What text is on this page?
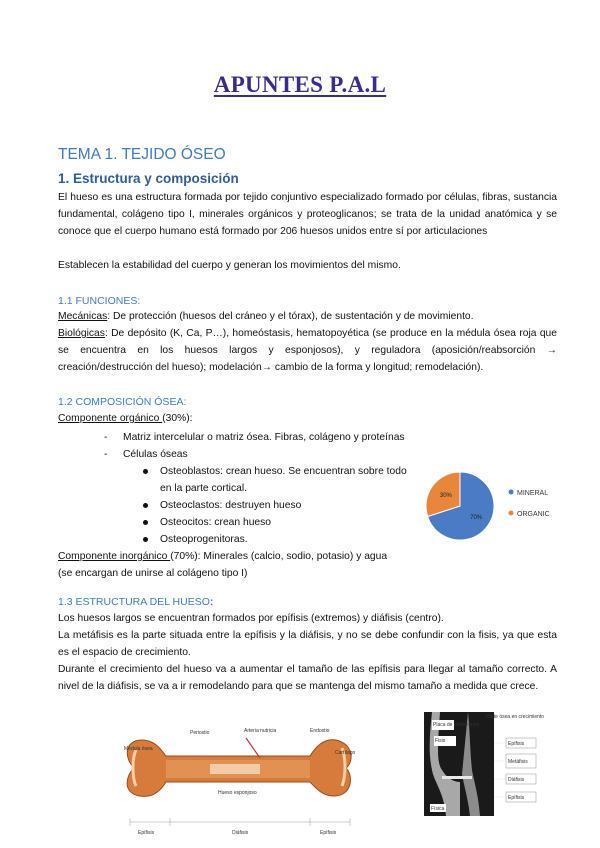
APUNTES P.A.L
TEMA 1. TEJIDO ÓSEO
1. Estructura y composición
El hueso es una estructura formada por tejido conjuntivo especializado formado por células, fibras, sustancia fundamental, colágeno tipo I, minerales orgánicos y proteoglicanos; se trata de la unidad anatómica y se conoce que el cuerpo humano está formado por 206 huesos unidos entre sí por articulaciones
Establecen la estabilidad del cuerpo y generan los movimientos del mismo.
1.1 FUNCIONES:
Mecánicas: De protección (huesos del cráneo y el tórax), de sustentación y de movimiento.
Biológicas: De depósito (K, Ca, P…), homeóstasis, hematopoyética (se produce en la médula ósea roja que se encuentra en los huesos largos y esponjosos), y reguladora (aposición/reabsorción → creación/destrucción del hueso); modelación→ cambio de la forma y longitud; remodelación).
1.2 COMPOSICIÓN ÓSEA:
Componente orgánico (30%):
- Matriz intercelular o matriz ósea. Fibras, colágeno y proteínas
- Células óseas
Osteoblastos: crean hueso. Se encuentran sobre todo
en la parte cortical.
Osteoclastos: destruyen hueso
Osteocitos: crean hueso
Osteoprogenitoras.
Componente inorgánico (70%): Minerales (calcio, sodio, potasio) y agua
(se encargan de unirse al colágeno tipo I)
70%
30%	MINERAL
ORGANIC
1.3 ESTRUCTURA DEL HUESO:
Los huesos largos se encuentran formados por epífisis (extremos) y diáfisis (centro).
La metáfisis es la parte situada entre la epífisis y la diáfisis, y no se debe confundir con la fisis, ya que esta es el espacio de crecimiento.
Durante el crecimiento del hueso va a aumentar el tamaño de las epífisis para llegar al tamaño correcto. A nivel de la diáfisis, se va a ir remodelando para que se mantenga del mismo tamaño a medida que crece.
Médula ósea
Epífisis	Diáfisis	Epífisis
Arteria nutricia
Cartílago
Periostio	Endostio
Hueso esponjoso
Parte ósea en crecimiento
Placa de crecimiento
Fisis	Epífisis
Metáfisis
Diáfisis
Epífisis
Física
